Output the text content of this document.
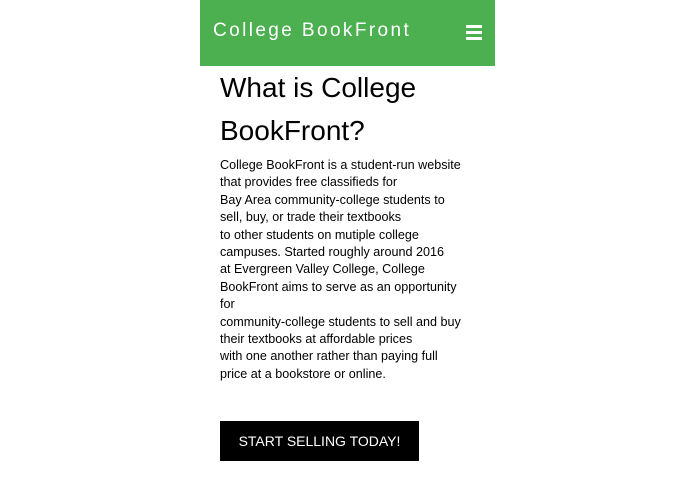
College BookFront
What is College
BookFront?
College BookFront is a student-run website
that provides free classifieds for
Bay Area community-college students to
sell, buy, or trade their textbooks
to other students on mutiple college
campuses. Started roughly around 2016
at Evergreen Valley College, College
BookFront aims to serve as an opportunity
for
community-college students to sell and buy
their textbooks at affordable prices
with one another rather than paying full
price at a bookstore or online.
START SELLING TODAY!
